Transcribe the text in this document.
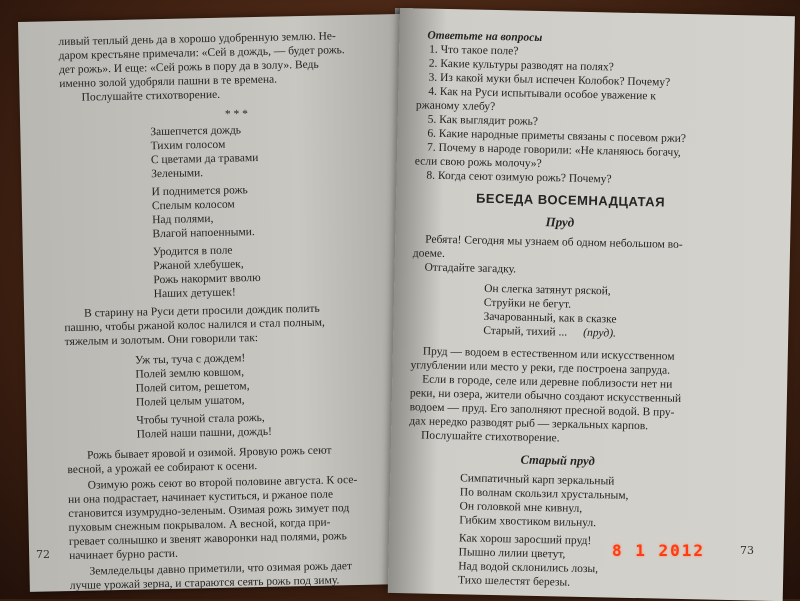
ливый теплый день да в хорошо удобренную землю. Не-
даром крестьяне примечали: «Сей в дождь, — будет рожь.
дет рожь». И еще: «Сей рожь в пору да в золу». Ведь
именно золой удобряли пашни в те времена.
Послушайте стихотворение.
* * *
Зашепчется дождь
Тихим голосом
С цветами да травами
Зелеными.
И поднимется рожь
Спелым колосом
Над полями,
Влагой напоенными.
Уродится в поле
Ржаной хлебушек,
Рожь накормит вволю
Наших детушек!
В старину на Руси дети просили дождик полить
пашню, чтобы ржаной колос налился и стал полным,
тяжелым и золотым. Они говорили так:
Уж ты, туча с дождем!
Полей землю ковшом,
Полей ситом, решетом,
Полей целым ушатом,
Чтобы тучной стала рожь,
Полей наши пашни, дождь!
Рожь бывает яровой и озимой. Яровую рожь сеют
весной, а урожай ее собирают к осени.
Озимую рожь сеют во второй половине августа. К осе-
ни она подрастает, начинает куститься, и ржаное поле
становится изумрудно-зеленым. Озимая рожь зимует под
пуховым снежным покрывалом. А весной, когда при-
гревает солнышко и звенят жаворонки над полями, рожь
начинает бурно расти.
Земледельцы давно приметили, что озимая рожь дает
лучше урожай зерна, и стараются сеять рожь под зиму.
72
Ответьте на вопросы
1. Что такое поле?
2. Какие культуры разводят на полях?
3. Из какой муки был испечен Колобок? Почему?
4. Как на Руси испытывали особое уважение к
ржаному хлебу?
5. Как выглядит рожь?
6. Какие народные приметы связаны с посевом ржи?
7. Почему в народе говорили: «Не кланяюсь богачу,
если свою рожь молочу»?
8. Когда сеют озимую рожь? Почему?
БЕСЕДА ВОСЕМНАДЦАТАЯ
Пруд
Ребята! Сегодня мы узнаем об одном небольшом во-
доеме.
Отгадайте загадку.
Он слегка затянут ряской,
Струйки не бегут.
Зачарованный, как в сказке
Старый, тихий ... (пруд).
Пруд — водоем в естественном или искусственном
углублении или место у реки, где построена запруда.
Если в городе, селе или деревне поблизости нет ни
реки, ни озера, жители обычно создают искусственный
водоем — пруд. Его заполняют пресной водой. В пру-
дах нередко разводят рыб — зеркальных карпов.
Послушайте стихотворение.
Старый пруд
Симпатичный карп зеркальный
По волнам скользил хрустальным,
Он головкой мне кивнул,
Гибким хвостиком вильнул.
Как хорош заросший пруд!
Пышно лилии цветут,
Над водой склонились лозы,
Тихо шелестят березы.
73
8 1 2012
